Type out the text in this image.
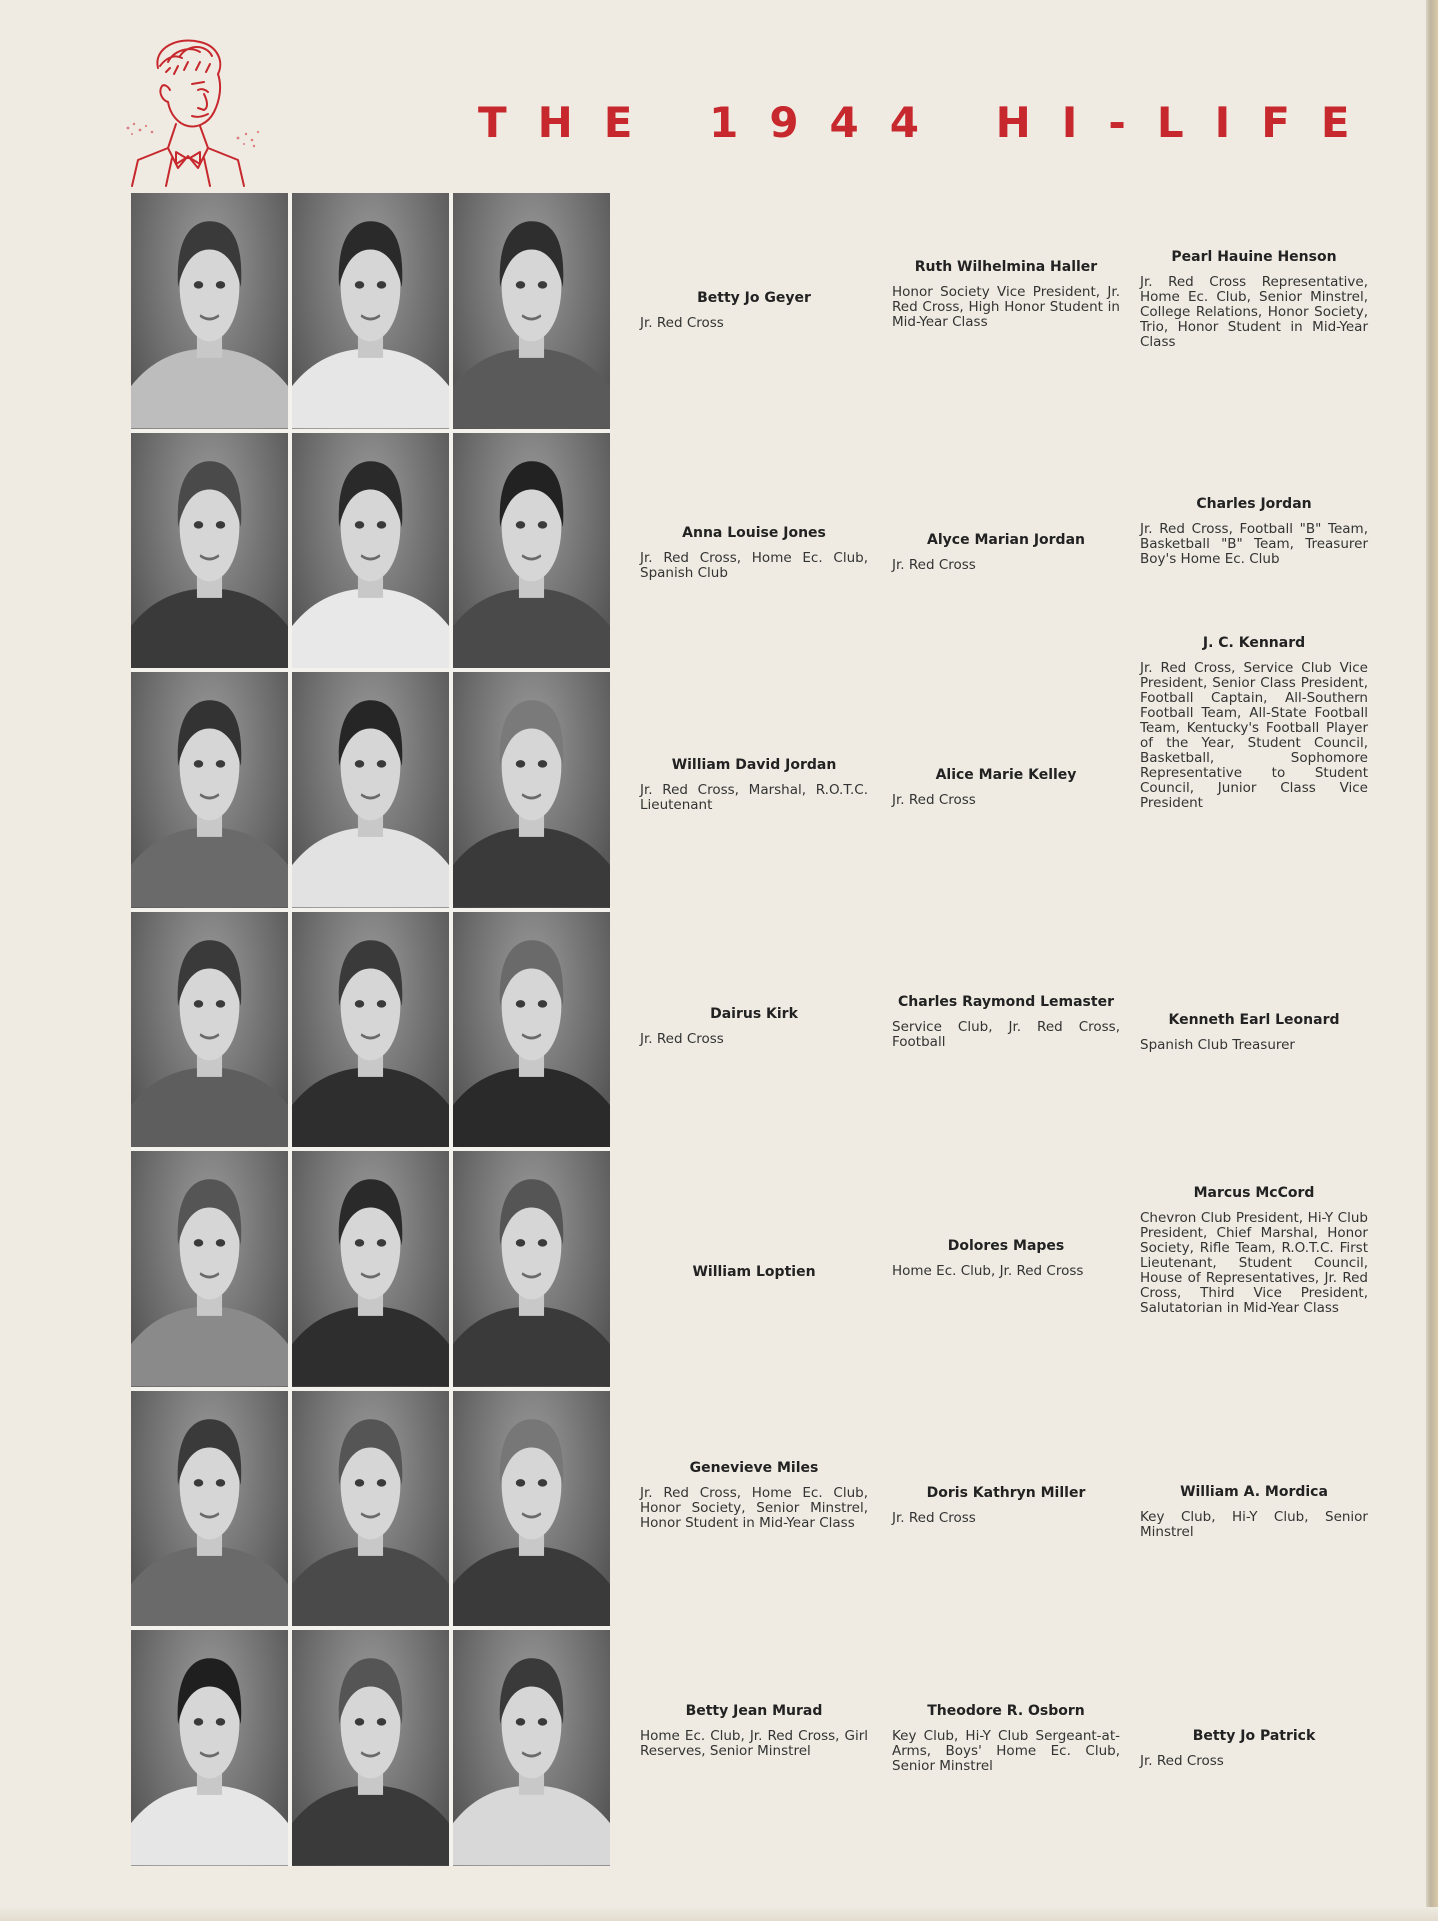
THE 1944 HI-LIFE

Betty Jo Geyer

Jr. Red Cross

Ruth Wilhelmina Haller

Honor Society Vice President, Jr. Red Cross, High Honor Student in Mid-Year Class

Pearl Hauine Henson

Jr. Red Cross Representative, Home Ec. Club, Senior Minstrel, College Relations, Honor Society, Trio, Honor Student in Mid-Year Class

Anna Louise Jones

Jr. Red Cross, Home Ec. Club, Spanish Club

Alyce Marian Jordan

Jr. Red Cross

Charles Jordan

Jr. Red Cross, Football "B" Team, Basketball "B" Team, Treasurer Boy's Home Ec. Club

William David Jordan

Jr. Red Cross, Marshal, R.O.T.C. Lieutenant

Alice Marie Kelley

Jr. Red Cross

J. C. Kennard

Jr. Red Cross, Service Club Vice President, Senior Class President, Football Captain, All-Southern Football Team, All-State Football Team, Kentucky's Football Player of the Year, Student Council, Basketball, Sophomore Representative to Student Council, Junior Class Vice President

Dairus Kirk

Jr. Red Cross

Charles Raymond Lemaster

Service Club, Jr. Red Cross, Football

Kenneth Earl Leonard

Spanish Club Treasurer

William Loptien

Dolores Mapes

Home Ec. Club, Jr. Red Cross

Marcus McCord

Chevron Club President, Hi-Y Club President, Chief Marshal, Honor Society, Rifle Team, R.O.T.C. First Lieutenant, Student Council, House of Representatives, Jr. Red Cross, Third Vice President, Salutatorian in Mid-Year Class

Genevieve Miles

Jr. Red Cross, Home Ec. Club, Honor Society, Senior Minstrel, Honor Student in Mid-Year Class

Doris Kathryn Miller

Jr. Red Cross

William A. Mordica

Key Club, Hi-Y Club, Senior Minstrel

Betty Jean Murad

Home Ec. Club, Jr. Red Cross, Girl Reserves, Senior Minstrel

Theodore R. Osborn

Key Club, Hi-Y Club Sergeant-at-Arms, Boys' Home Ec. Club, Senior Minstrel

Betty Jo Patrick

Jr. Red Cross
